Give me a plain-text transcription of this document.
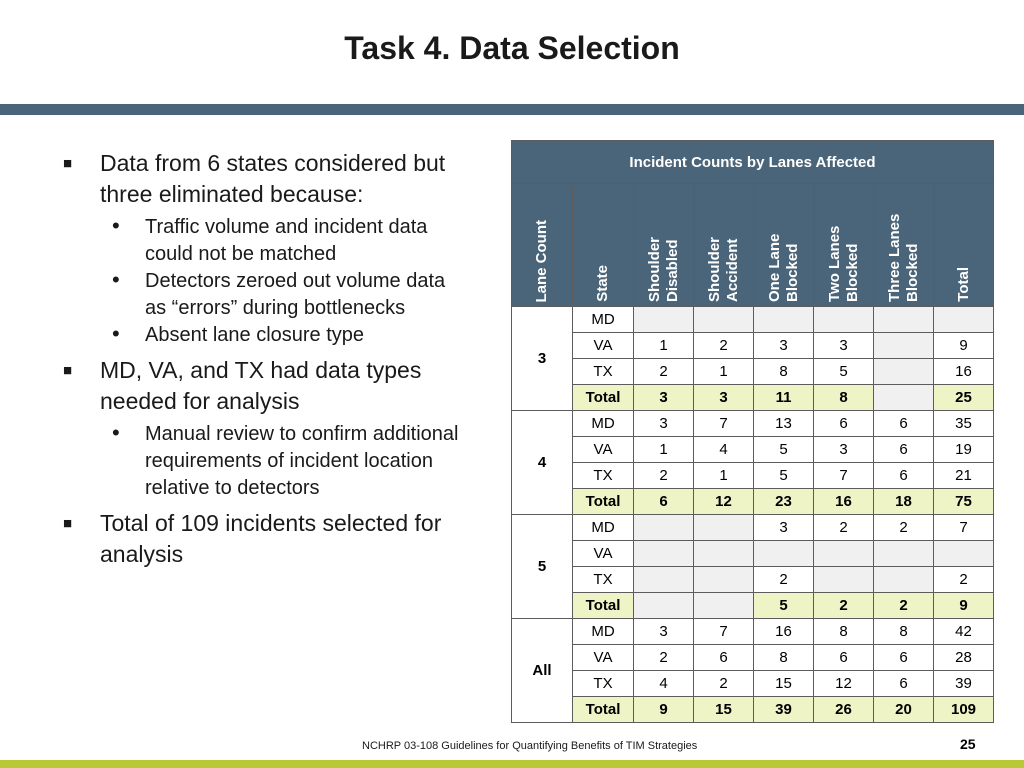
Task 4. Data Selection
■ Data from 6 states considered but three eliminated because:
• Traffic volume and incident data could not be matched
• Detectors zeroed out volume data as “errors” during bottlenecks
• Absent lane closure type
■ MD, VA, and TX had data types needed for analysis
• Manual review to confirm additional requirements of incident location relative to detectors
■ Total of 109 incidents selected for analysis
Incident Counts by Lanes Affected							
Lane Count	State	Shoulder Disabled	Shoulder Accident	One Lane Blocked	Two Lanes Blocked	Three Lanes Blocked	Total
3	MD						
	VA	1	2	3	3		9
	TX	2	1	8	5		16
	Total	3	3	11	8		25
4	MD	3	7	13	6	6	35
	VA	1	4	5	3	6	19
	TX	2	1	5	7	6	21
	Total	6	12	23	16	18	75
5	MD			3	2	2	7
	VA						
	TX			2			2
	Total			5	2	2	9
All	MD	3	7	16	8	8	42
	VA	2	6	8	6	6	28
	TX	4	2	15	12	6	39
	Total	9	15	39	26	20	109
NCHRP 03-108 Guidelines for Quantifying Benefits of TIM Strategies	25
